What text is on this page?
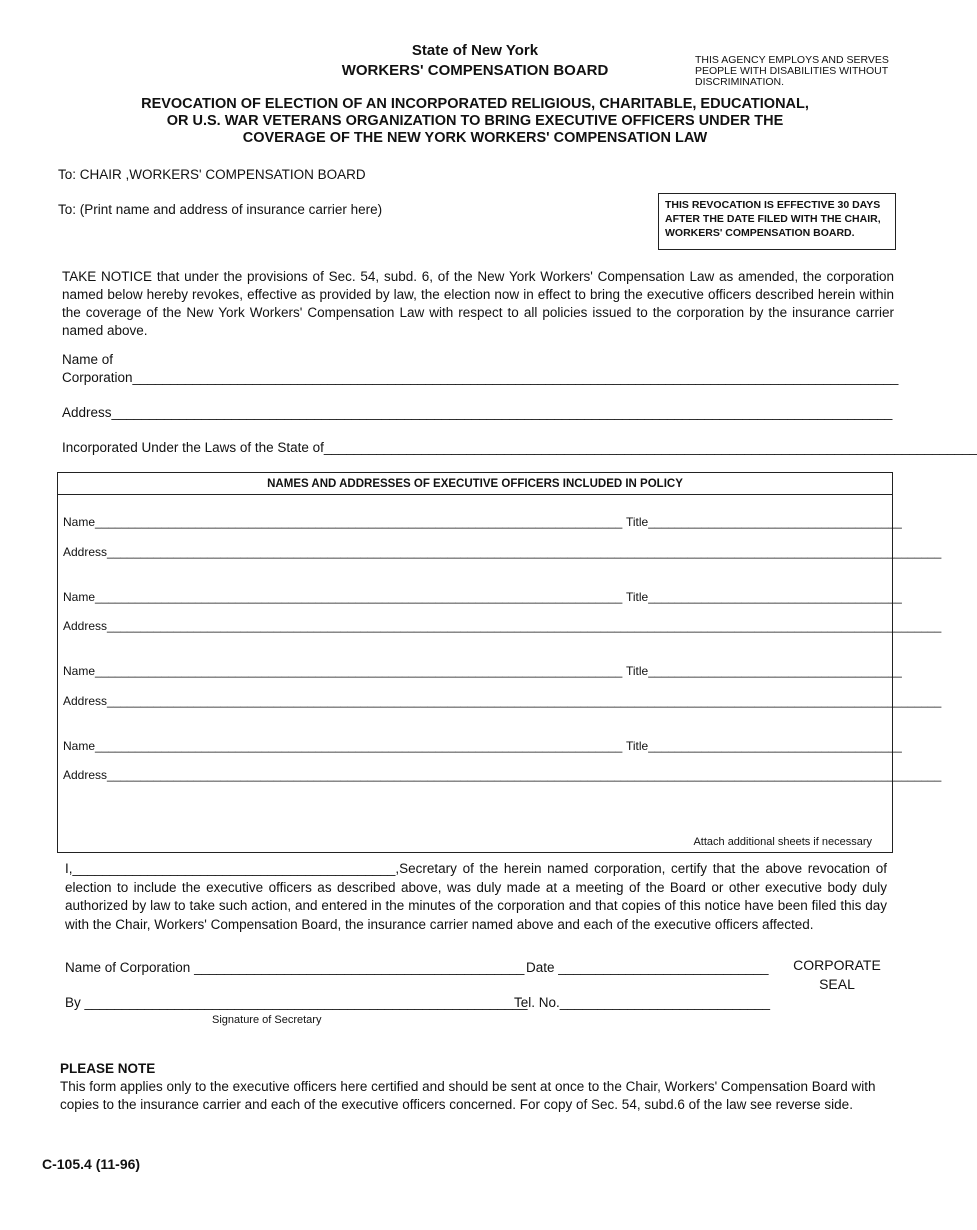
State of New York
WORKERS' COMPENSATION BOARD
THIS AGENCY EMPLOYS AND SERVES PEOPLE WITH DISABILITIES WITHOUT DISCRIMINATION.
REVOCATION OF ELECTION OF AN INCORPORATED RELIGIOUS, CHARITABLE, EDUCATIONAL,
OR U.S. WAR VETERANS ORGANIZATION TO BRING EXECUTIVE OFFICERS UNDER THE
COVERAGE OF THE NEW YORK WORKERS' COMPENSATION LAW
To: CHAIR ,WORKERS' COMPENSATION BOARD
To: (Print name and address of insurance carrier here)	THIS REVOCATION IS EFFECTIVE 30 DAYS
AFTER THE DATE FILED WITH THE CHAIR,
WORKERS' COMPENSATION BOARD.
TAKE NOTICE that under the provisions of Sec. 54, subd. 6, of the New York Workers' Compensation Law as amended, the corporation named below hereby revokes, effective as provided by law, the election now in effect to bring the executive officers described herein within the coverage of the New York Workers' Compensation Law with respect to all policies issued to the corporation by the insurance carrier named above.
Name of
Corporation______________________________________________________________________________________________________
Address________________________________________________________________________________________________________
Incorporated Under the Laws of the State of_______________________________________________________________________________________
NAMES AND ADDRESSES OF EXECUTIVE OFFICERS INCLUDED IN POLICY
Name_______________________________________________________________________________ Title______________________________________
Address_____________________________________________________________________________________________________________________________
Name_______________________________________________________________________________ Title______________________________________
Address_____________________________________________________________________________________________________________________________
Name_______________________________________________________________________________ Title______________________________________
Address_____________________________________________________________________________________________________________________________
Name_______________________________________________________________________________ Title______________________________________
Address_____________________________________________________________________________________________________________________________
Attach additional sheets if necessary
I,___________________________________________,Secretary of the herein named corporation, certify that the above revocation of election to include the executive officers as described above, was duly made at a meeting of the Board or other executive body duly authorized by law to take such action, and entered in the minutes of the corporation and that copies of this notice have been filed this day with the Chair, Workers' Compensation Board, the insurance carrier named above and each of the executive officers affected.
Name of Corporation ____________________________________________ Date ____________________________
By ___________________________________________________________
Tel. No.____________________________
Signature of Secretary
CORPORATE
SEAL
PLEASE NOTE
This form applies only to the executive officers here certified and should be sent at once to the Chair, Workers' Compensation Board with copies to the insurance carrier and each of the executive officers concerned. For copy of Sec. 54, subd.6 of the law see reverse side.
C-105.4 (11-96)
